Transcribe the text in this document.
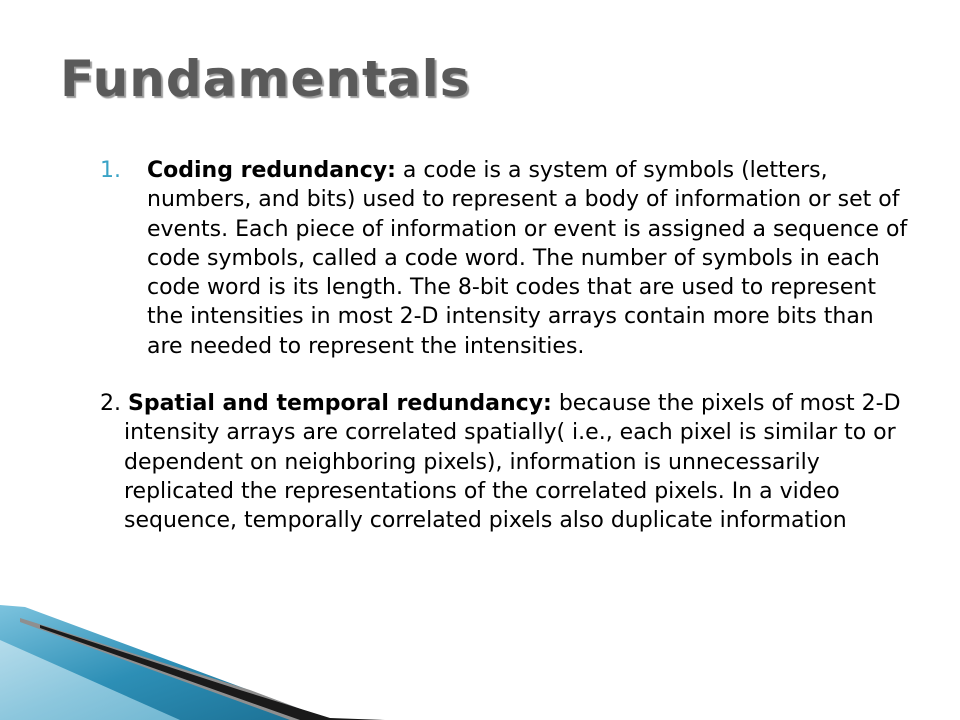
Fundamentals

1. Coding redundancy: a code is a system of symbols (letters, numbers, and bits) used to represent a body of information or set of events. Each piece of information or event is assigned a sequence of code symbols, called a code word. The number of symbols in each code word is its length. The 8-bit codes that are used to represent the intensities in most 2-D intensity arrays contain more bits than are needed to represent the intensities.

2. Spatial and temporal redundancy: because the pixels of most 2-D intensity arrays are correlated spatially( i.e., each pixel is similar to or dependent on neighboring pixels), information is unnecessarily replicated the representations of the correlated pixels. In a video sequence, temporally correlated pixels also duplicate information
